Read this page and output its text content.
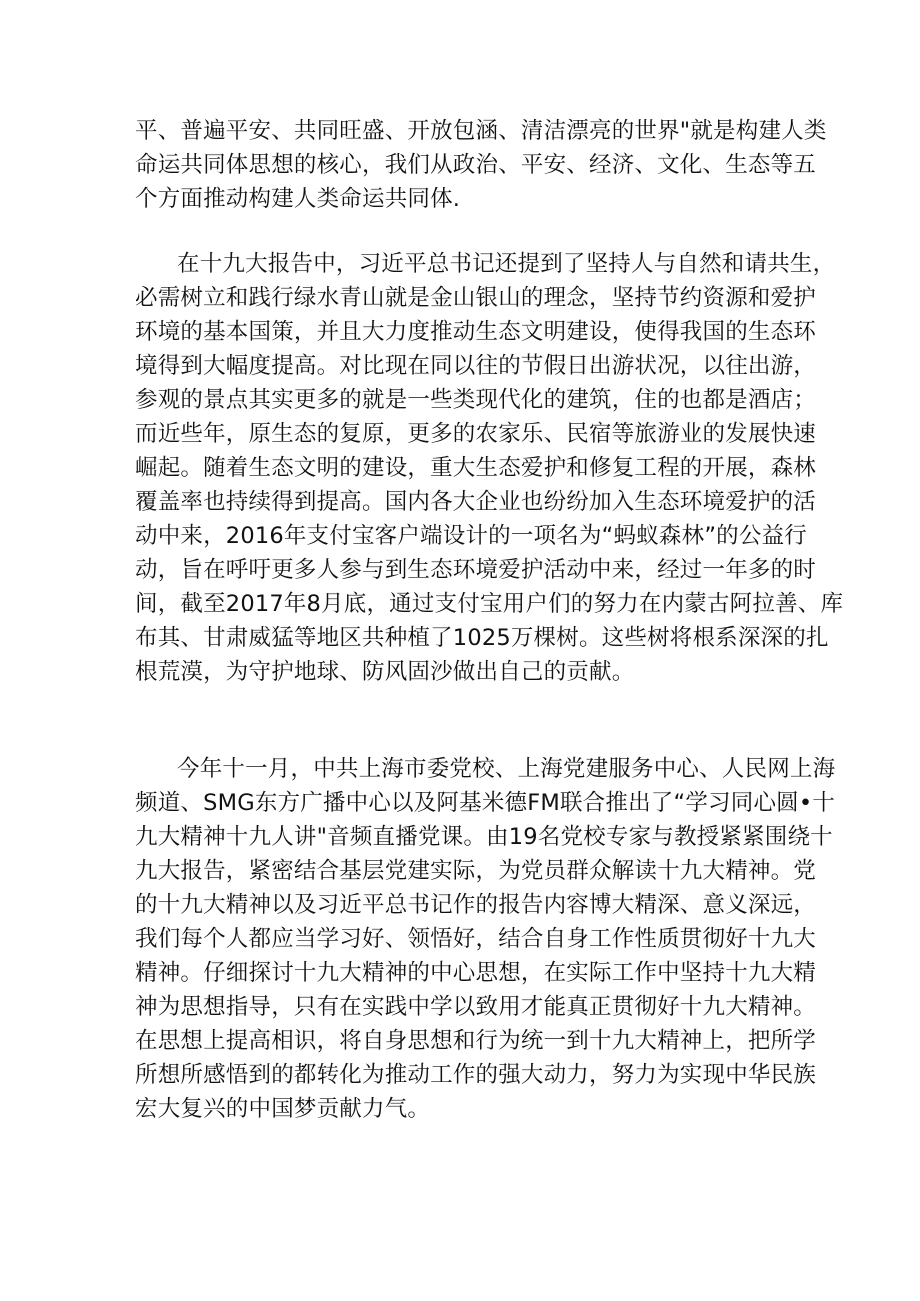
平、普遍平安、共同旺盛、开放包涵、清洁漂亮的世界"就是构建人类
命运共同体思想的核心，我们从政治、平安、经济、文化、生态等五
个方面推动构建人类命运共同体.
在十九大报告中，习近平总书记还提到了坚持人与自然和请共生，
必需树立和践行绿水青山就是金山银山的理念，坚持节约资源和爱护
环境的基本国策，并且大力度推动生态文明建设，使得我国的生态环
境得到大幅度提高。对比现在同以往的节假日出游状况，以往出游，
参观的景点其实更多的就是一些类现代化的建筑，住的也都是酒店；
而近些年，原生态的复原，更多的农家乐、民宿等旅游业的发展快速
崛起。随着生态文明的建设，重大生态爱护和修复工程的开展，森林
覆盖率也持续得到提高。国内各大企业也纷纷加入生态环境爱护的活
动中来，2016年支付宝客户端设计的一项名为“蚂蚁森林”的公益行
动，旨在呼吁更多人参与到生态环境爱护活动中来，经过一年多的时
间，截至2017年8月底，通过支付宝用户们的努力在内蒙古阿拉善、库
布其、甘肃威猛等地区共种植了1025万棵树。这些树将根系深深的扎
根荒漠，为守护地球、防风固沙做出自己的贡献。
今年十一月，中共上海市委党校、上海党建服务中心、人民网上海
频道、SMG东方广播中心以及阿基米德FM联合推出了“学习同心圆•十
九大精神十九人讲"音频直播党课。由19名党校专家与教授紧紧围绕十
九大报告，紧密结合基层党建实际，为党员群众解读十九大精神。党
的十九大精神以及习近平总书记作的报告内容博大精深、意义深远，
我们每个人都应当学习好、领悟好，结合自身工作性质贯彻好十九大
精神。仔细探讨十九大精神的中心思想，在实际工作中坚持十九大精
神为思想指导，只有在实践中学以致用才能真正贯彻好十九大精神。
在思想上提高相识，将自身思想和行为统一到十九大精神上，把所学
所想所感悟到的都转化为推动工作的强大动力，努力为实现中华民族
宏大复兴的中国梦贡献力气。
